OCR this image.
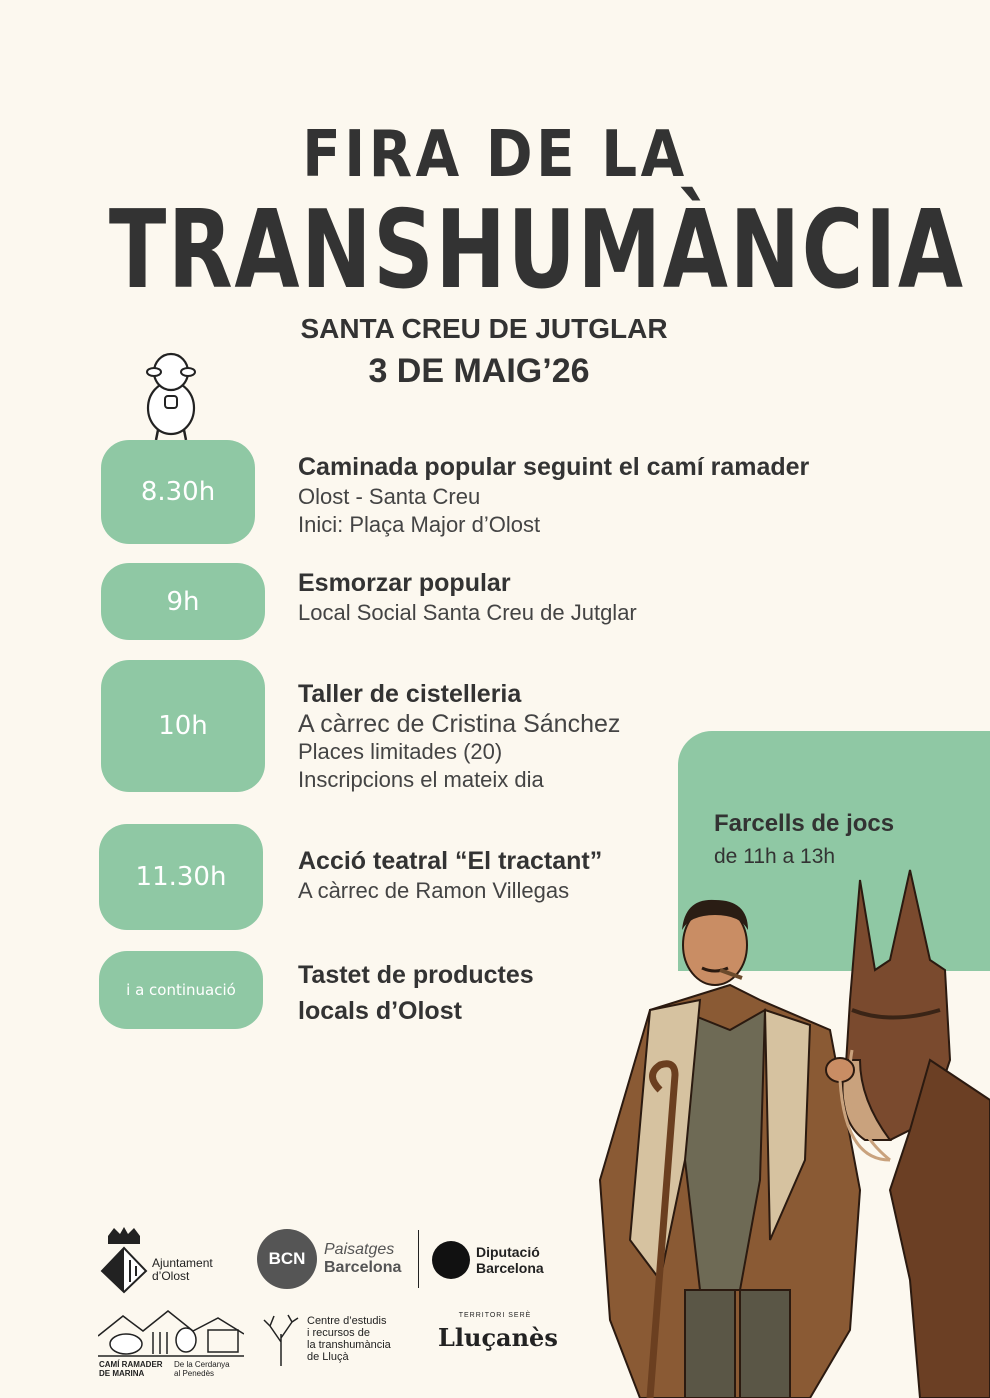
FIRA DE LA
TRANSHUMÀNCIA
SANTA CREU DE JUTGLAR
3 DE MAIG’26
8.30h
9h
10h
11.30h
i a continuació
Caminada popular seguint el camí ramader
Olost - Santa Creu
Inici: Plaça Major d’Olost
Esmorzar popular
Local Social Santa Creu de Jutglar
Taller de cistelleria
A càrrec de Cristina Sánchez
Places limitades (20)
Inscripcions el mateix dia
Acció teatral “El tractant”
A càrrec de Ramon Villegas
Tastet de productes
locals d’Olost
Farcells de jocs
de 11h a 13h
Ajuntament
d’Olost
BCN	Paisatges
Barcelona
Diputació
Barcelona
CAMÍ RAMADER
DE MARINA
De la Cerdanya
al Penedès
Centre d’estudis
i recursos de
la transhumància
de Lluçà
TERRITORI SERÈ
Lluçanès
